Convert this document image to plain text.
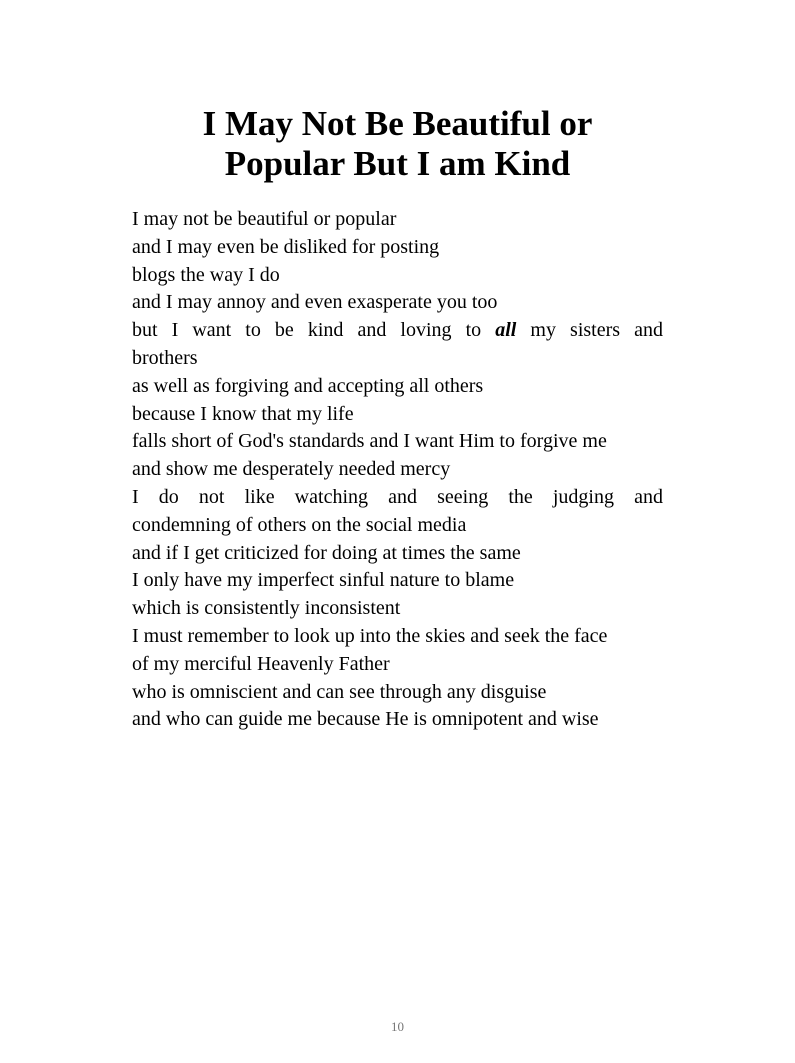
I May Not Be Beautiful or
Popular But I am Kind
I may not be beautiful or popular
and I may even be disliked for posting
blogs the way I do
and I may annoy and even exasperate you too
but I want to be kind and loving to all my sisters and
brothers
as well as forgiving and accepting all others
because I know that my life
falls short of God's standards and I want Him to forgive me
and show me desperately needed mercy
I do not like watching and seeing the judging and
condemning of others on the social media
and if I get criticized for doing at times the same
I only have my imperfect sinful nature to blame
which is consistently inconsistent
I must remember to look up into the skies and seek the face
of my merciful Heavenly Father
who is omniscient and can see through any disguise
and who can guide me because He is omnipotent and wise
10
